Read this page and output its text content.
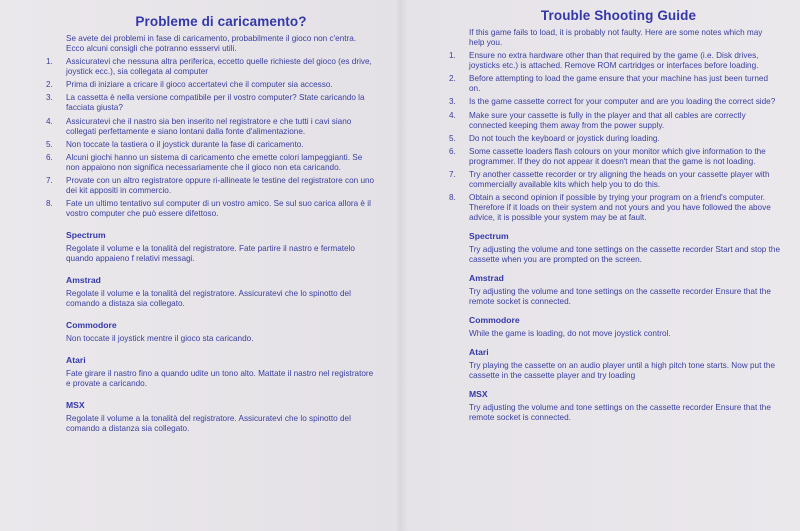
Probleme di caricamento?

Se avete dei problemi in fase di caricamento, probabilmente il gioco non c'entra. Ecco alcuni consigli che potranno essservi utili.

1.	Assicuratevi che nessuna altra periferica, eccetto quelle richieste del gioco (es drive, joystick ecc.), sia collegata al computer
2.	Prima di iniziare a cricare il gioco accertatevi che il computer sia accesso.
3.	La cassetta è nella versione compatibile per il vostro computer? State caricando la facciata giusta?
4.	Assicuratevi che il nastro sia ben inserito nel registratore e che tutti i cavi siano collegati perfettamente e siano lontani dalla fonte d'alimentazione.
5.	Non toccate la tastiera o il joystick durante la fase di caricamento.
6.	Alcuni giochi hanno un sistema di caricamento che emette colori lampeggianti. Se non appaiono non significa necessariamente che il gioco non eta caricando.
7.	Provate con un altro registratore oppure ri-allineate le testine del registratore con uno dei kit appositi in commercio.
8.	Fate un ultimo tentativo sul computer di un vostro amico. Se sul suo carica allora è il vostro computer che può essere difettoso.
Spectrum

Regolate il volume e la tonalità del registratore. Fate partire il nastro e fermatelo quando appaieno f relativi messagi.

Amstrad

Regolate il volume e la tonalità del registratore. Assicuratevi che lo spinotto del comando a distaza sia collegato.

Commodore

Non toccate il joystick mentre il gioco sta caricando.

Atari

Fate girare il nastro fino a quando udite un tono alto. Mattate il nastro nel registratore e provate a caricando.

MSX

Regolate il volume a la tonalità del registratore. Assicuratevi che lo spinotto del comando a distanza sia collegato.

Trouble Shooting Guide

If this game fails to load, it is probably not faulty. Here are some notes which may help you.

1.	Ensure no extra hardware other than that required by the game (i.e. Disk drives, joysticks etc.) is attached. Remove ROM cartridges or interfaces before loading.
2.	Before attempting to load the game ensure that your machine has just been turned on.
3.	Is the game cassette correct for your computer and are you loading the correct side?
4.	Make sure your cassette is fully in the player and that all cables are correctly connected keeping them away from the power supply.
5.	Do not touch the keyboard or joystick during loading.
6.	Some cassette loaders flash colours on your monitor which give information to the programmer. If they do not appear it doesn't mean that the game is not loading.
7.	Try another cassette recorder or try aligning the heads on your cassette player with commercially available kits which help you to do this.
8.	Obtain a second opinion if possible by trying your program on a friend's computer. Therefore if it loads on their system and not yours and you have followed the above advice, it is possible your system may be at fault.
Spectrum

Try adjusting the volume and tone settings on the cassette recorder Start and stop the cassette when you are prompted on the screen.

Amstrad

Try adjusting the volume and tone settings on the cassette recorder Ensure that the remote socket is connected.

Commodore

While the game is loading, do not move joystick control.

Atari

Try playing the cassette on an audio player until a high pitch tone starts. Now put the cassette in the cassette player and try loading

MSX

Try adjusting the volume and tone settings on the cassette recorder Ensure that the remote socket is connected.
